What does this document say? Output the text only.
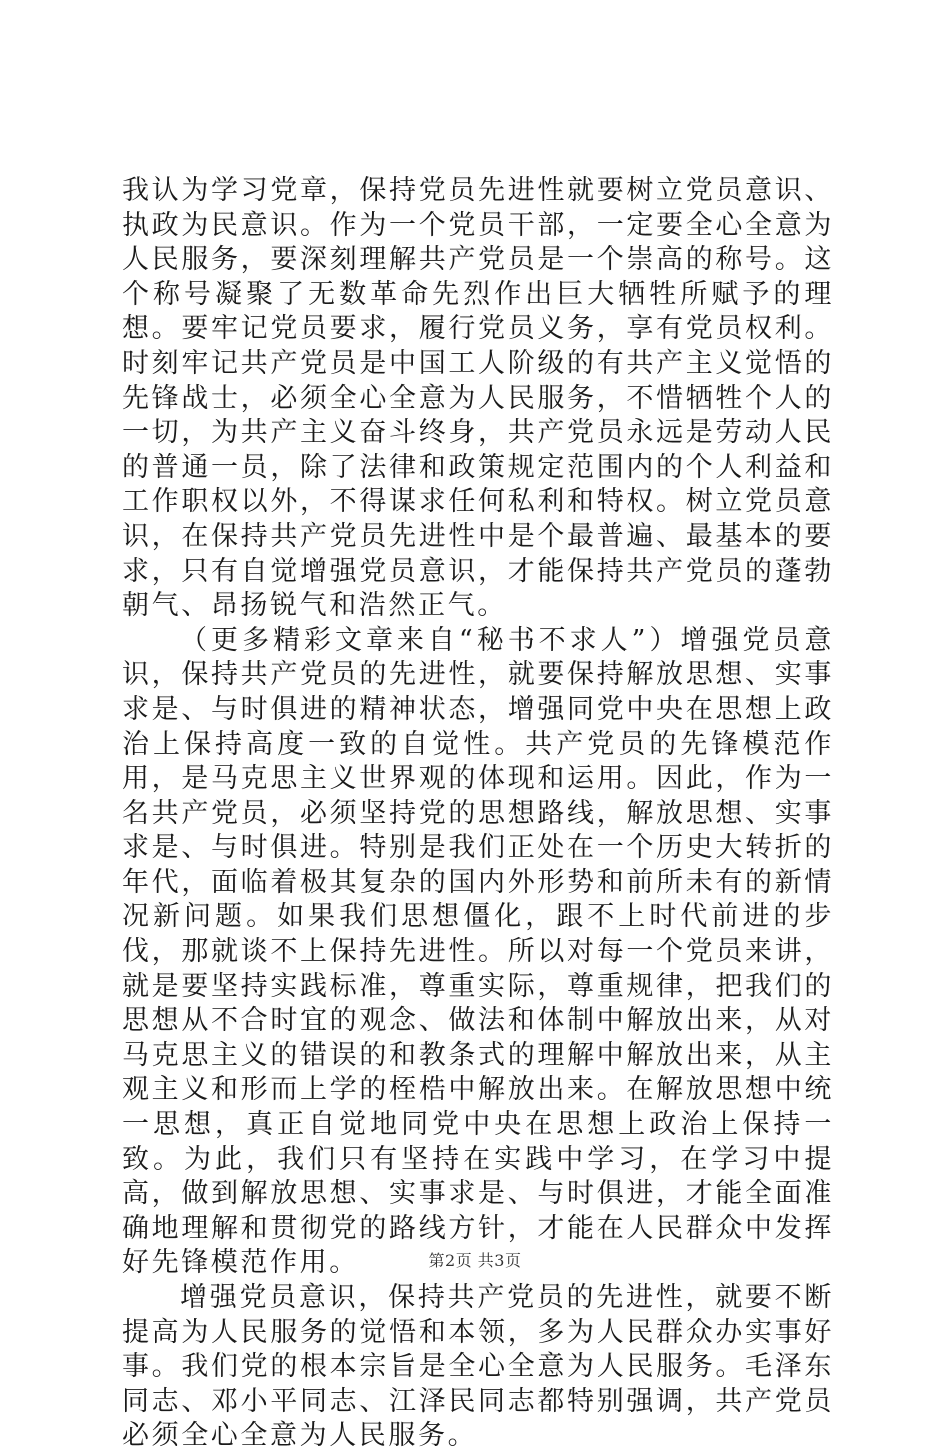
我认为学习党章，保持党员先进性就要树立党员意识、执政为民意识。作为一个党员干部，一定要全心全意为人民服务，要深刻理解共产党员是一个崇高的称号。这个称号凝聚了无数革命先烈作出巨大牺牲所赋予的理想。要牢记党员要求，履行党员义务，享有党员权利。时刻牢记共产党员是中国工人阶级的有共产主义觉悟的先锋战士，必须全心全意为人民服务，不惜牺牲个人的一切，为共产主义奋斗终身，共产党员永远是劳动人民的普通一员，除了法律和政策规定范围内的个人利益和工作职权以外，不得谋求任何私利和特权。树立党员意识，在保持共产党员先进性中是个最普遍、最基本的要求，只有自觉增强党员意识，才能保持共产党员的蓬勃朝气、昂扬锐气和浩然正气。

（更多精彩文章来自“秘书不求人”）增强党员意识，保持共产党员的先进性，就要保持解放思想、实事求是、与时俱进的精神状态，增强同党中央在思想上政治上保持高度一致的自觉性。共产党员的先锋模范作用，是马克思主义世界观的体现和运用。因此，作为一名共产党员，必须坚持党的思想路线，解放思想、实事求是、与时俱进。特别是我们正处在一个历史大转折的年代，面临着极其复杂的国内外形势和前所未有的新情况新问题。如果我们思想僵化，跟不上时代前进的步伐，那就谈不上保持先进性。所以对每一个党员来讲，就是要坚持实践标准，尊重实际，尊重规律，把我们的思想从不合时宜的观念、做法和体制中解放出来，从对马克思主义的错误的和教条式的理解中解放出来，从主观主义和形而上学的桎梏中解放出来。在解放思想中统一思想，真正自觉地同党中央在思想上政治上保持一致。为此，我们只有坚持在实践中学习，在学习中提高，做到解放思想、实事求是、与时俱进，才能全面准确地理解和贯彻党的路线方针，才能在人民群众中发挥好先锋模范作用。

增强党员意识，保持共产党员的先进性，就要不断提高为人民服务的觉悟和本领，多为人民群众办实事好事。我们党的根本宗旨是全心全意为人民服务。毛泽东同志、邓小平同志、江泽民同志都特别强调，共产党员必须全心全意为人民服务。

第2页 共3页
